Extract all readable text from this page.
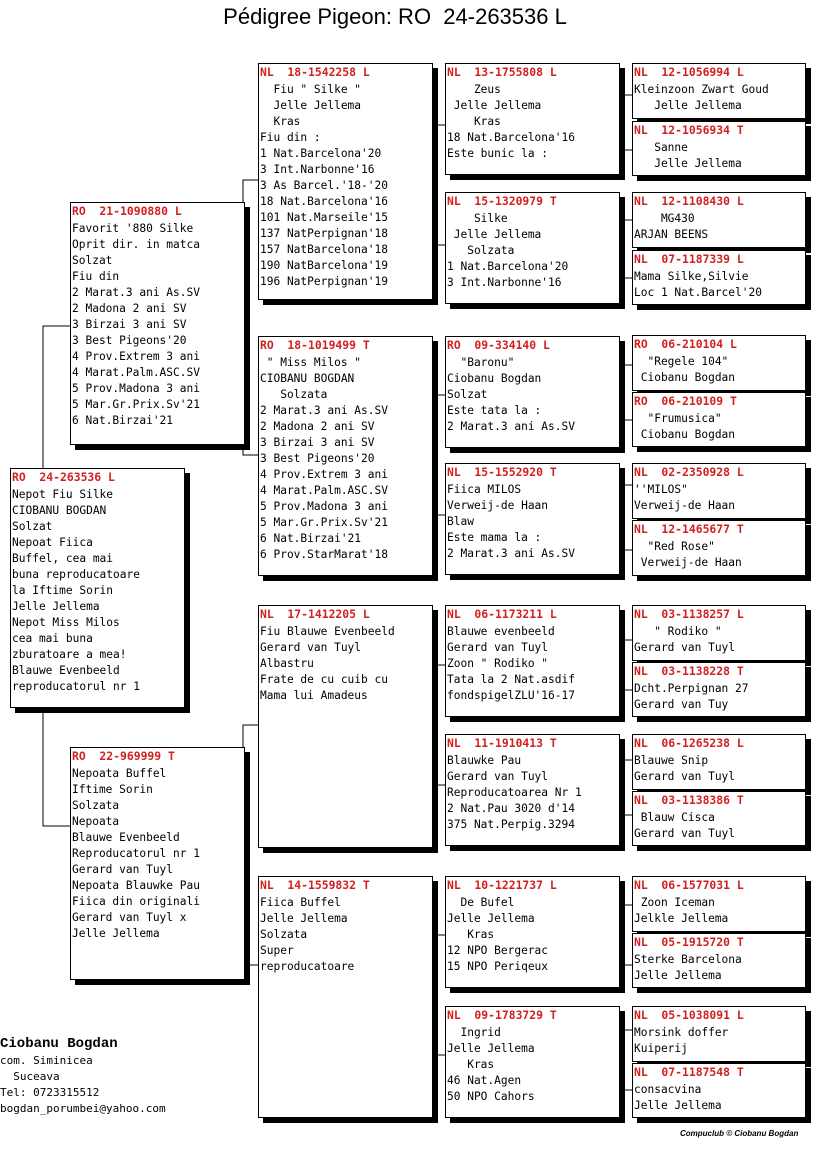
Pédigree Pigeon: RO  24-263536 L
RO  24-263536 L
Nepot Fiu Silke
CIOBANU BOGDAN
Solzat
Nepoat Fiica
Buffel, cea mai
buna reproducatoare
la Iftime Sorin
Jelle Jellema
Nepot Miss Milos
cea mai buna
zburatoare a mea!
Blauwe Evenbeeld
reproducatorul nr 1
RO  21-1090880 L
Favorit '880 Silke
Oprit dir. in matca
Solzat
Fiu din
2 Marat.3 ani As.SV
2 Madona 2 ani SV
3 Birzai 3 ani SV
3 Best Pigeons'20
4 Prov.Extrem 3 ani
4 Marat.Palm.ASC.SV
5 Prov.Madona 3 ani
5 Mar.Gr.Prix.Sv'21
6 Nat.Birzai'21
RO  22-969999 T
Nepoata Buffel
Iftime Sorin
Solzata
Nepoata
Blauwe Evenbeeld
Reproducatorul nr 1
Gerard van Tuyl
Nepoata Blauwke Pau
Fiica din originali
Gerard van Tuyl x
Jelle Jellema
NL  18-1542258 L
Fiu " Silke "
Jelle Jellema
Kras
Fiu din :
1 Nat.Barcelona'20
3 Int.Narbonne'16
3 As Barcel.'18-'20
18 Nat.Barcelona'16
101 Nat.Marseile'15
137 NatPerpignan'18
157 NatBarcelona'18
190 NatBarcelona'19
196 NatPerpignan'19
RO  18-1019499 T
" Miss Milos "
CIOBANU BOGDAN
Solzata
2 Marat.3 ani As.SV
2 Madona 2 ani SV
3 Birzai 3 ani SV
3 Best Pigeons'20
4 Prov.Extrem 3 ani
4 Marat.Palm.ASC.SV
5 Prov.Madona 3 ani
5 Mar.Gr.Prix.Sv'21
6 Nat.Birzai'21
6 Prov.StarMarat'18
NL  17-1412205 L
Fiu Blauwe Evenbeeld
Gerard van Tuyl
Albastru
Frate de cu cuib cu
Mama lui Amadeus
NL  14-1559832 T
Fiica Buffel
Jelle Jellema
Solzata
Super
reproducatoare
NL  13-1755808 L
Zeus
Jelle Jellema
Kras
18 Nat.Barcelona'16
Este bunic la :
NL  15-1320979 T
Silke
Jelle Jellema
Solzata
1 Nat.Barcelona'20
3 Int.Narbonne'16
RO  09-334140 L
"Baronu"
Ciobanu Bogdan
Solzat
Este tata la :
2 Marat.3 ani As.SV
NL  15-1552920 T
Fiica MILOS
Verweij-de Haan
Blaw
Este mama la :
2 Marat.3 ani As.SV
NL  06-1173211 L
Blauwe evenbeeld
Gerard van Tuyl
Zoon " Rodiko "
Tata la 2 Nat.asdif
fondspigelZLU'16-17
NL  11-1910413 T
Blauwke Pau
Gerard van Tuyl
Reproducatoarea Nr 1
2 Nat.Pau 3020 d'14
375 Nat.Perpig.3294
NL  10-1221737 L
De Bufel
Jelle Jellema
Kras
12 NPO Bergerac
15 NPO Periqeux
NL  09-1783729 T
Ingrid
Jelle Jellema
Kras
46 Nat.Agen
50 NPO Cahors
NL  12-1056994 L
Kleinzoon Zwart Goud
Jelle Jellema
NL  12-1056934 T
Sanne
Jelle Jellema
NL  12-1108430 L
MG430
ARJAN BEENS
NL  07-1187339 L
Mama Silke,Silvie
Loc 1 Nat.Barcel'20
RO  06-210104 L
"Regele 104"
Ciobanu Bogdan
RO  06-210109 T
"Frumusica"
Ciobanu Bogdan
NL  02-2350928 L
''MILOS"
Verweij-de Haan
NL  12-1465677 T
"Red Rose"
Verweij-de Haan
NL  03-1138257 L
" Rodiko "
Gerard van Tuyl
NL  03-1138228 T
Dcht.Perpignan 27
Gerard van Tuy
NL  06-1265238 L
Blauwe Snip
Gerard van Tuyl
NL  03-1138386 T
Blauw Cisca
Gerard van Tuyl
NL  06-1577031 L
Zoon Iceman
Jelkle Jellema
NL  05-1915720 T
Sterke Barcelona
Jelle Jellema
NL  05-1038091 L
Morsink doffer
Kuiperij
NL  07-1187548 T
consacvina
Jelle Jellema
Ciobanu Bogdan
com. Siminicea
Suceava
Tel: 0723315512
bogdan_porumbei@yahoo.com
Compuclub © Ciobanu Bogdan
